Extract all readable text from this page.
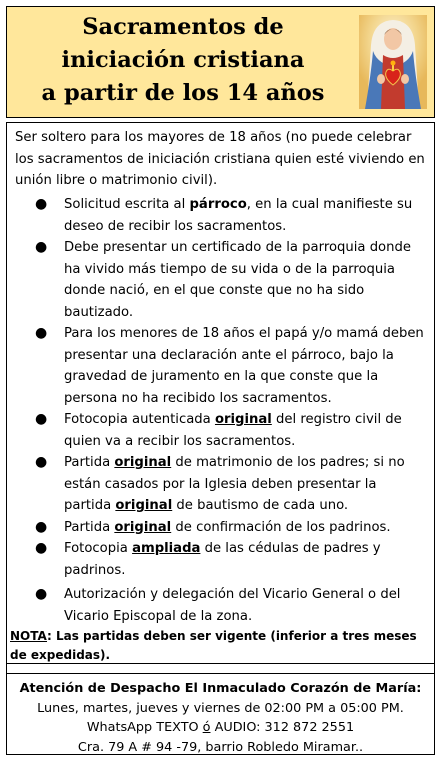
Sacramentos de
iniciación cristiana
a partir de los 14 años

Ser soltero para los mayores de 18 años (no puede celebrar los sacramentos de iniciación cristiana quien esté viviendo en unión libre o matrimonio civil).

● Solicitud escrita al párroco, en la cual manifieste su deseo de recibir los sacramentos.
● Debe presentar un certificado de la parroquia donde ha vivido más tiempo de su vida o de la parroquia donde nació, en el que conste que no ha sido bautizado.
● Para los menores de 18 años el papá y/o mamá deben presentar una declaración ante el párroco, bajo la gravedad de juramento en la que conste que la persona no ha recibido los sacramentos.
● Fotocopia autenticada original del registro civil de quien va a recibir los sacramentos.
● Partida original de matrimonio de los padres; si no están casados por la Iglesia deben presentar la partida original de bautismo de cada uno.
● Partida original de confirmación de los padrinos.
● Fotocopia ampliada de las cédulas de padres y padrinos.
● Autorización y delegación del Vicario General o del Vicario Episcopal de la zona.
NOTA: Las partidas deben ser vigente (inferior a tres meses de expedidas).
Atención de Despacho El Inmaculado Corazón de María:
Lunes, martes, jueves y viernes de 02:00 PM a 05:00 PM.
WhatsApp TEXTO ó AUDIO: 312 872 2551
Cra. 79 A # 94 -79, barrio Robledo Miramar..
